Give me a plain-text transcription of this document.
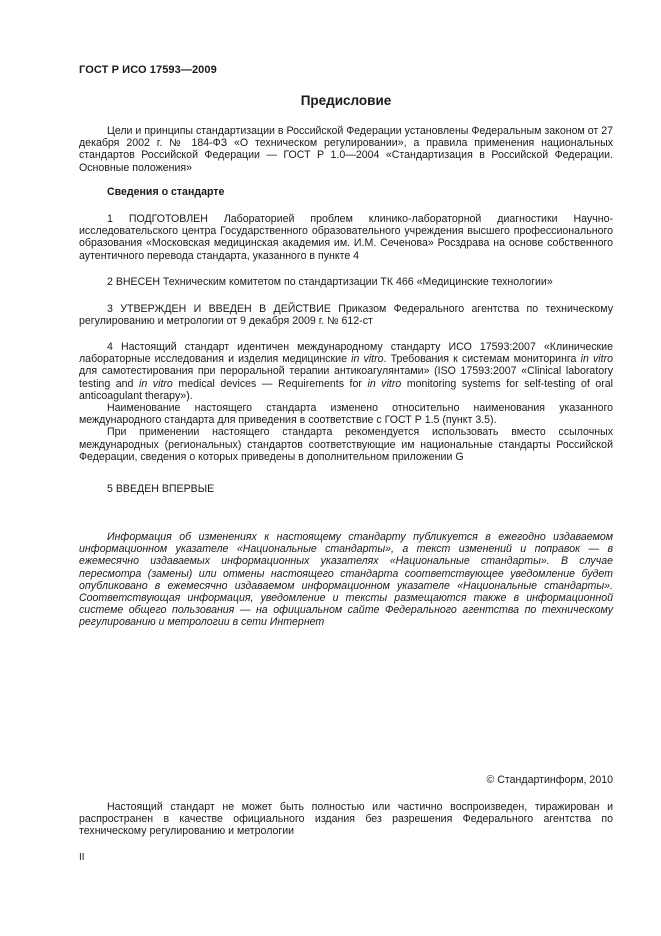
ГОСТ Р ИСО 17593—2009
Предисловие
Цели и принципы стандартизации в Российской Федерации установлены Федеральным законом от 27 декабря 2002 г. № 184-ФЗ «О техническом регулировании», а правила применения национальных стандартов Российской Федерации — ГОСТ Р 1.0—2004 «Стандартизация в Российской Федерации. Основные положения»
Сведения о стандарте
1 ПОДГОТОВЛЕН Лабораторией проблем клинико-лабораторной диагностики Научно-исследовательского центра Государственного образовательного учреждения высшего профессионального образования «Московская медицинская академия им. И.М. Сеченова» Росздрава на основе собственного аутентичного перевода стандарта, указанного в пункте 4
2 ВНЕСЕН Техническим комитетом по стандартизации ТК 466 «Медицинские технологии»
3 УТВЕРЖДЕН И ВВЕДЕН В ДЕЙСТВИЕ Приказом Федерального агентства по техническому регулированию и метрологии от 9 декабря 2009 г. № 612-ст

4 Настоящий стандарт идентичен международному стандарту ИСО 17593:2007 «Клинические лабораторные исследования и изделия медицинские in vitro. Требования к системам мониторинга in vitro для самотестирования при пероральной терапии антикоагулянтами» (ISO 17593:2007 «Clinical laboratory testing and in vitro medical devices — Requirements for in vitro monitoring systems for self-testing of oral anticoagulant therapy»).

Наименование настоящего стандарта изменено относительно наименования указанного международного стандарта для приведения в соответствие с ГОСТ Р 1.5 (пункт 3.5).

При применении настоящего стандарта рекомендуется использовать вместо ссылочных международных (региональных) стандартов соответствующие им национальные стандарты Российской Федерации, сведения о которых приведены в дополнительном приложении G

5 ВВЕДЕН ВПЕРВЫЕ
Информация об изменениях к настоящему стандарту публикуется в ежегодно издаваемом информационном указателе «Национальные стандарты», а текст изменений и поправок — в ежемесячно издаваемых информационных указателях «Национальные стандарты». В случае пересмотра (замены) или отмены настоящего стандарта соответствующее уведомление будет опубликовано в ежемесячно издаваемом информационном указателе «Национальные стандарты». Соответствующая информация, уведомление и тексты размещаются также в информационной системе общего пользования — на официальном сайте Федерального агентства по техническому регулированию и метрологии в сети Интернет
© Стандартинформ, 2010
Настоящий стандарт не может быть полностью или частично воспроизведен, тиражирован и распространен в качестве официального издания без разрешения Федерального агентства по техническому регулированию и метрологии
II
